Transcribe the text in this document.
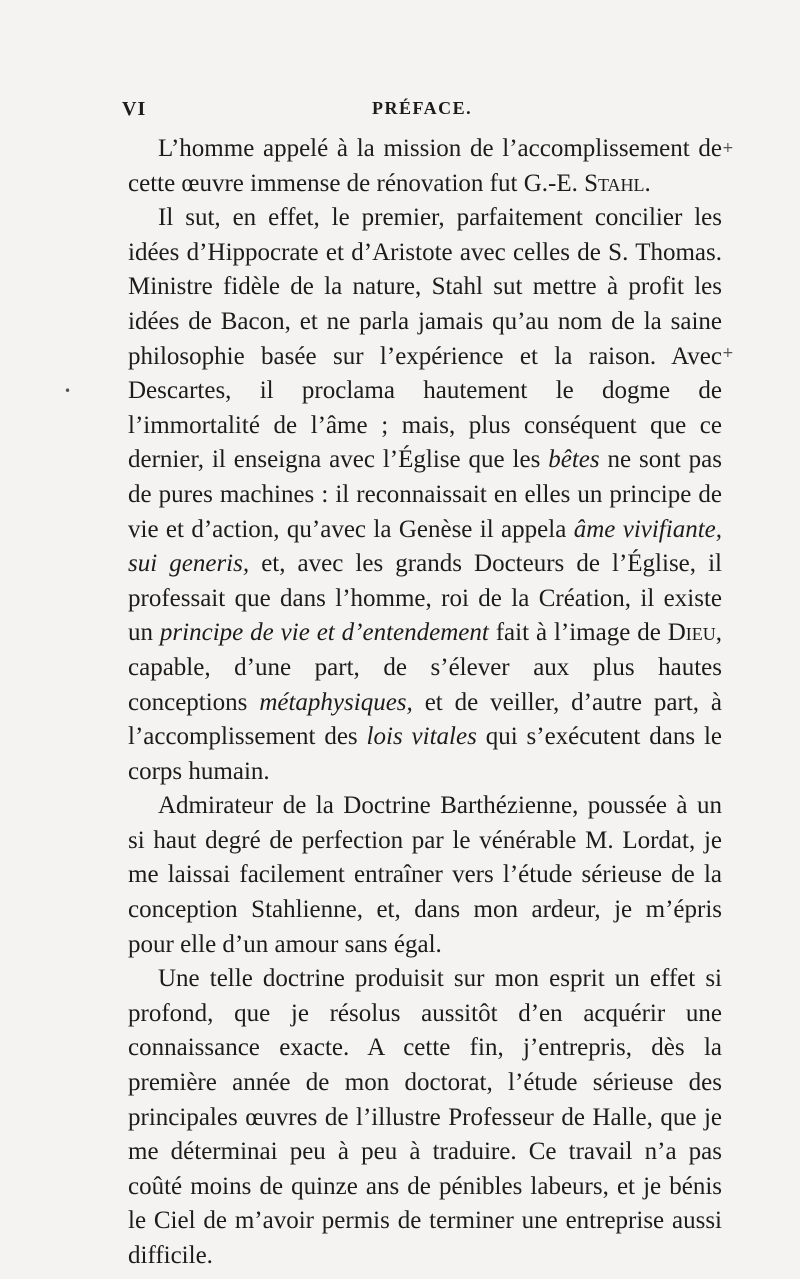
VI	PRÉFACE.

L’homme appelé à la mission de l’accomplissement de cette œuvre immense de rénovation fut G.-E. Stahl.

Il sut, en effet, le premier, parfaitement concilier les idées d’Hippocrate et d’Aristote avec celles de S. Thomas. Ministre fidèle de la nature, Stahl sut mettre à profit les idées de Bacon, et ne parla jamais qu’au nom de la saine philosophie basée sur l’expérience et la raison. Avec Descartes, il proclama hautement le dogme de l’immortalité de l’âme ; mais, plus conséquent que ce dernier, il enseigna avec l’Église que les bêtes ne sont pas de pures machines : il reconnaissait en elles un principe de vie et d’action, qu’avec la Genèse il appela âme vivifiante, sui generis, et, avec les grands Docteurs de l’Église, il professait que dans l’homme, roi de la Création, il existe un principe de vie et d’entendement fait à l’image de Dieu, capable, d’une part, de s’élever aux plus hautes conceptions métaphysiques, et de veiller, d’autre part, à l’accomplissement des lois vitales qui s’exécutent dans le corps humain.

Admirateur de la Doctrine Barthézienne, poussée à un si haut degré de perfection par le vénérable M. Lordat, je me laissai facilement entraîner vers l’étude sérieuse de la conception Stahlienne, et, dans mon ardeur, je m’épris pour elle d’un amour sans égal.

Une telle doctrine produisit sur mon esprit un effet si profond, que je résolus aussitôt d’en acquérir une connaissance exacte. A cette fin, j’entrepris, dès la première année de mon doctorat, l’étude sérieuse des principales œuvres de l’illustre Professeur de Halle, que je me déterminai peu à peu à traduire. Ce travail n’a pas coûté moins de quinze ans de pénibles labeurs, et je bénis le Ciel de m’avoir permis de terminer une entreprise aussi difficile.

+
+
•
